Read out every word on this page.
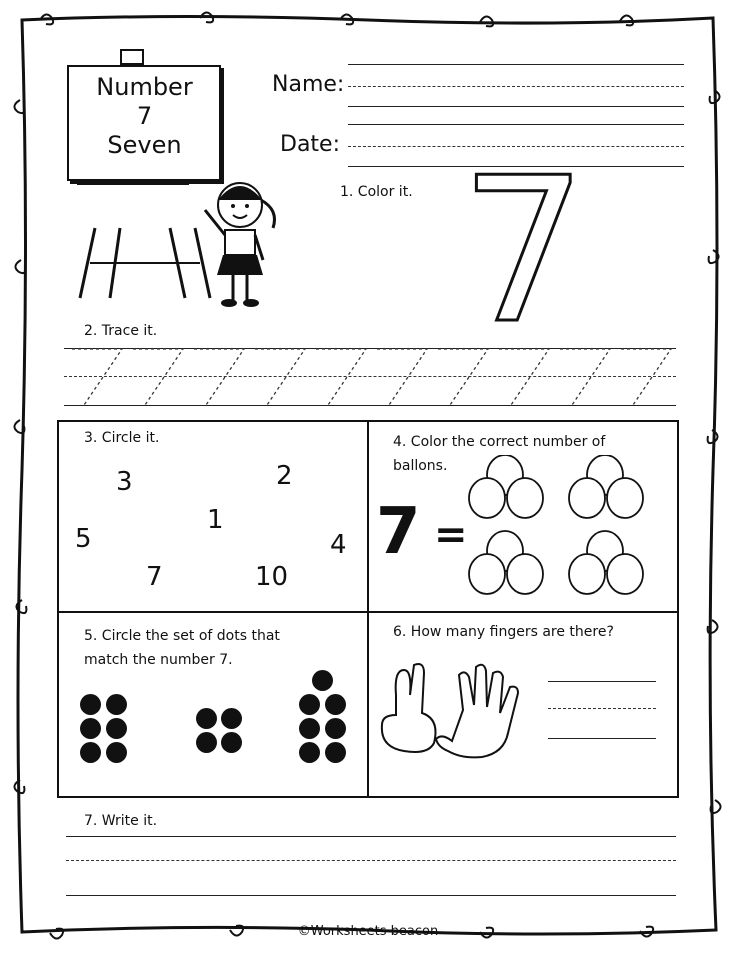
Number
7
Seven
Name:
Date:
1. Color it. 7
2. Trace it.
3. Circle it.
3	2
1
5	4
7	10
4. Color the correct number of
ballons.
7 =
5. Circle the set of dots that
match the number 7.
6. How many fingers are there?
7. Write it.
©Worksheets beacon
